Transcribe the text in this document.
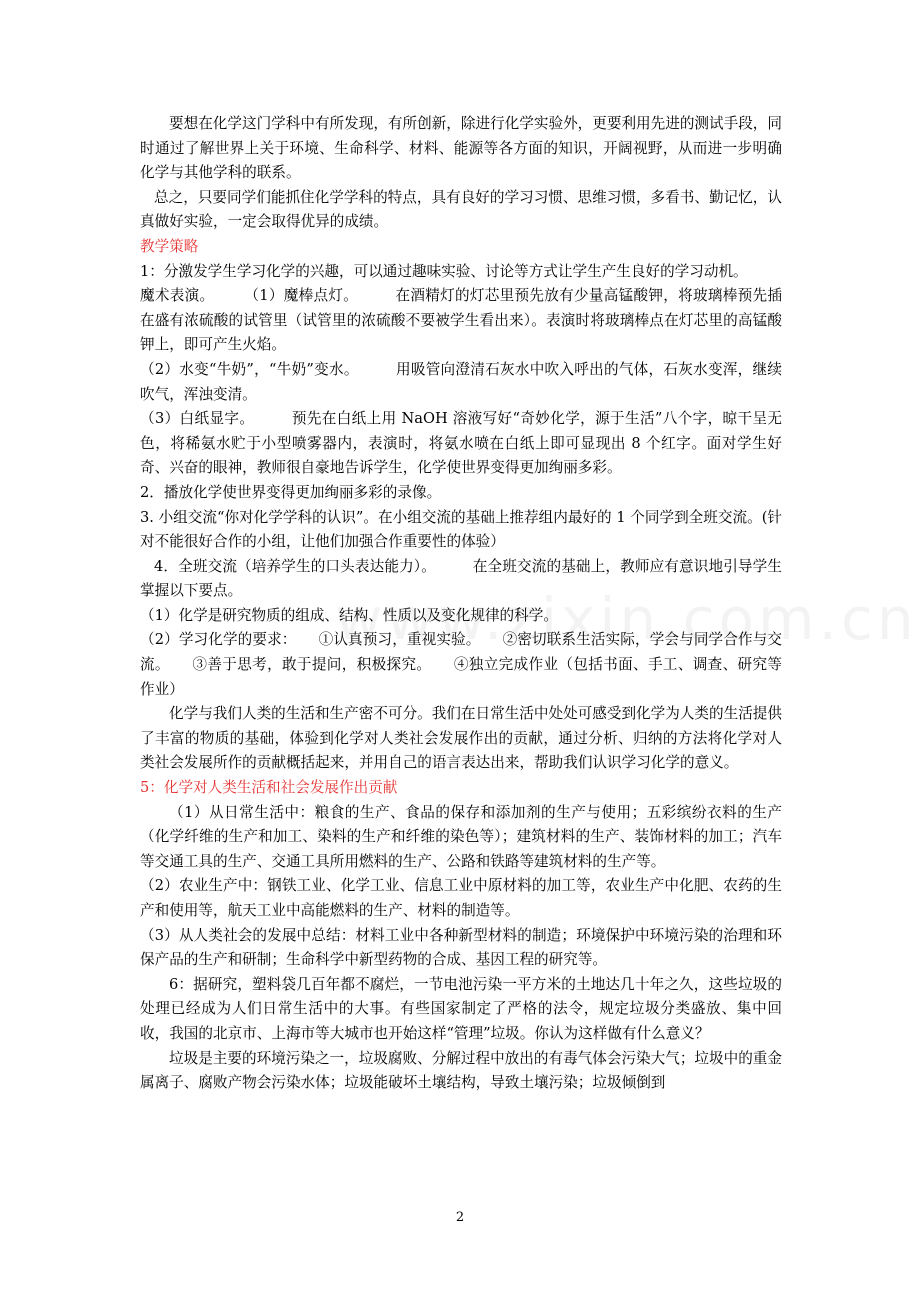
要想在化学这门学科中有所发现，有所创新，除进行化学实验外，更要利用先进的测试手段，同时通过了解世界上关于环境、生命科学、材料、能源等各方面的知识，开阔视野，从而进一步明确化学与其他学科的联系。

总之，只要同学们能抓住化学学科的特点，具有良好的学习习惯、思维习惯，多看书、勤记忆，认真做好实验，一定会取得优异的成绩。

教学策略

1：分激发学生学习化学的兴趣，可以通过趣味实验、讨论等方式让学生产生良好的学习动机。

魔术表演。　　　（1）魔棒点灯。　　　在酒精灯的灯芯里预先放有少量高锰酸钾，将玻璃棒预先插在盛有浓硫酸的试管里（试管里的浓硫酸不要被学生看出来）。表演时将玻璃棒点在灯芯里的高锰酸钾上，即可产生火焰。

（2）水变“牛奶”，“牛奶”变水。　　　用吸管向澄清石灰水中吹入呼出的气体，石灰水变浑，继续吹气，浑浊变清。

（3）白纸显字。　　　预先在白纸上用 NaOH 溶液写好“奇妙化学，源于生活”八个字，晾干呈无色，将稀氨水贮于小型喷雾器内，表演时，将氨水喷在白纸上即可显现出 8 个红字。面对学生好奇、兴奋的眼神，教师很自豪地告诉学生，化学使世界变得更加绚丽多彩。

2．播放化学使世界变得更加绚丽多彩的录像。

3. 小组交流“你对化学学科的认识”。在小组交流的基础上推荐组内最好的 1 个同学到全班交流。(针对不能很好合作的小组，让他们加强合作重要性的体验）

4．全班交流（培养学生的口头表达能力）。　　　在全班交流的基础上，教师应有意识地引导学生掌握以下要点。

（1）化学是研究物质的组成、结构、性质以及变化规律的科学。

（2）学习化学的要求：　　①认真预习，重视实验。　　②密切联系生活实际，学会与同学合作与交流。　　③善于思考，敢于提问，积极探究。　　④独立完成作业（包括书面、手工、调查、研究等作业）

化学与我们人类的生活和生产密不可分。我们在日常生活中处处可感受到化学为人类的生活提供了丰富的物质的基础，体验到化学对人类社会发展作出的贡献，通过分析、归纳的方法将化学对人类社会发展所作的贡献概括起来，并用自己的语言表达出来，帮助我们认识学习化学的意义。

5：化学对人类生活和社会发展作出贡献

（1）从日常生活中：粮食的生产、食品的保存和添加剂的生产与使用；五彩缤纷衣料的生产（化学纤维的生产和加工、染料的生产和纤维的染色等）；建筑材料的生产、装饰材料的加工；汽车等交通工具的生产、交通工具所用燃料的生产、公路和铁路等建筑材料的生产等。

（2）农业生产中：钢铁工业、化学工业、信息工业中原材料的加工等，农业生产中化肥、农药的生产和使用等，航天工业中高能燃料的生产、材料的制造等。

（3）从人类社会的发展中总结：材料工业中各种新型材料的制造；环境保护中环境污染的治理和环保产品的生产和研制；生命科学中新型药物的合成、基因工程的研究等。

6：据研究，塑料袋几百年都不腐烂，一节电池污染一平方米的土地达几十年之久，这些垃圾的处理已经成为人们日常生活中的大事。有些国家制定了严格的法令，规定垃圾分类盛放、集中回收，我国的北京市、上海市等大城市也开始这样“管理”垃圾。你认为这样做有什么意义？

垃圾是主要的环境污染之一，垃圾腐败、分解过程中放出的有毒气体会污染大气；垃圾中的重金属离子、腐败产物会污染水体；垃圾能破坏土壤结构，导致土壤污染；垃圾倾倒到

2
